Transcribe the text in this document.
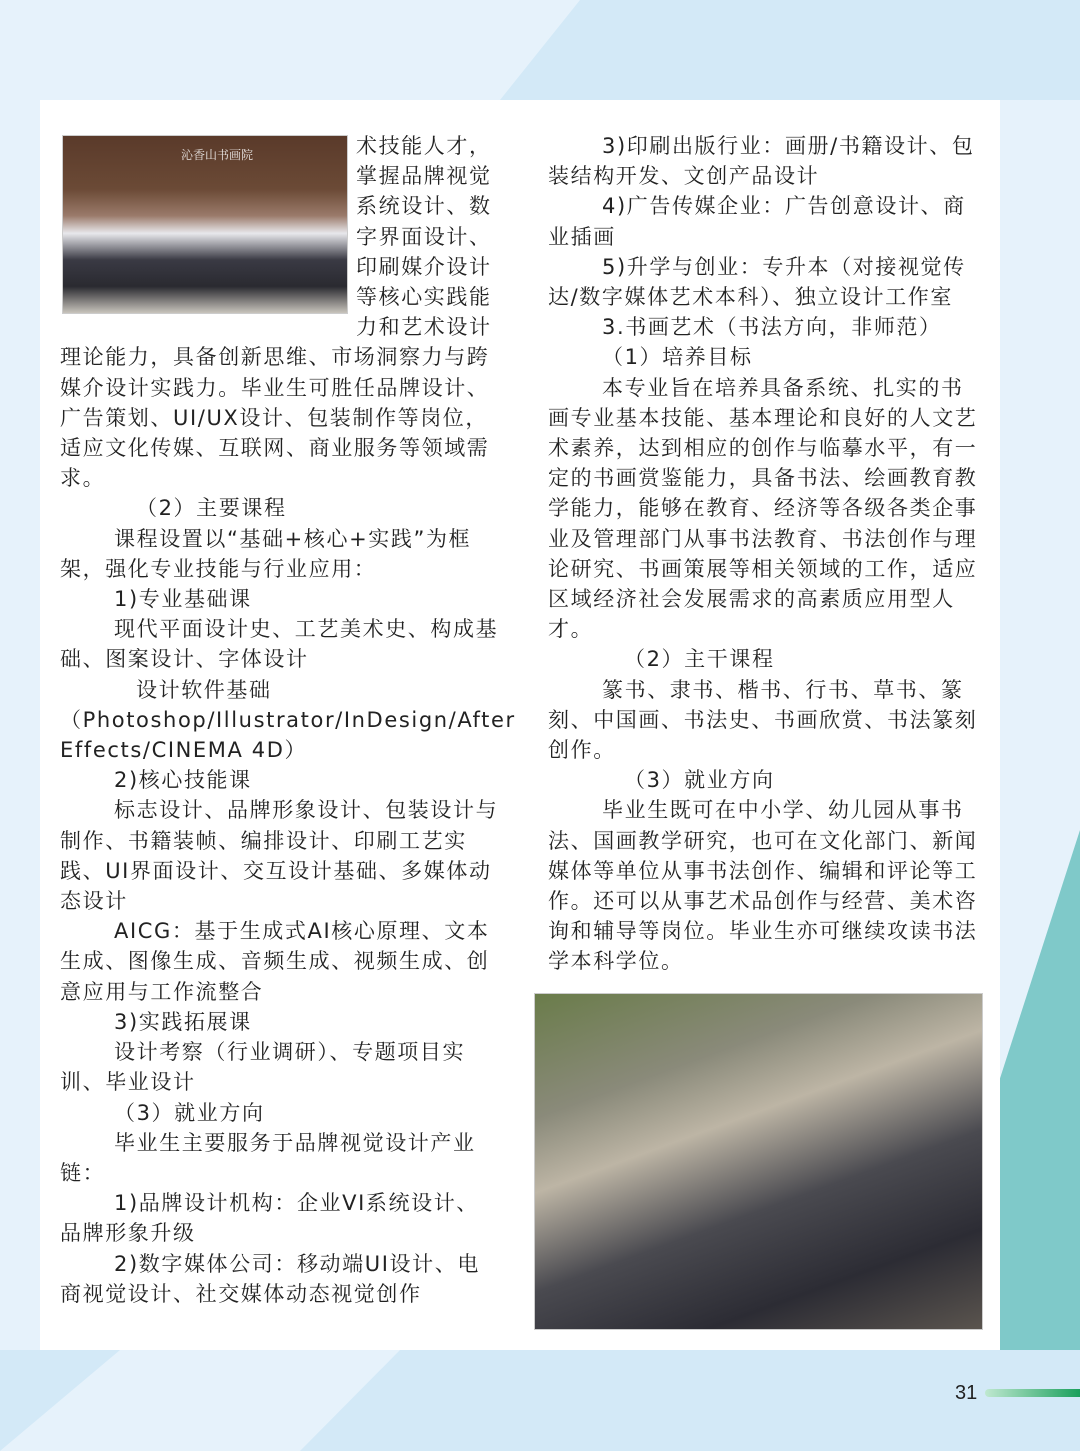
沁香山书画院	术技能人才，

掌握品牌视觉

系统设计、数

字界面设计、

印刷媒介设计

等核心实践能

力和艺术设计

理论能力，具备创新思维、市场洞察力与跨媒介设计实践力。毕业生可胜任品牌设计、广告策划、UI/UX设计、包装制作等岗位，适应文化传媒、互联网、商业服务等领域需求。

（2）主要课程

课程设置以“基础+核心+实践”为框架，强化专业技能与行业应用：

1)专业基础课

现代平面设计史、工艺美术史、构成基础、图案设计、字体设计

设计软件基础（Photoshop/Illustrator/InDesign/After Effects/CINEMA 4D）

2)核心技能课

标志设计、品牌形象设计、包装设计与制作、书籍装帧、编排设计、印刷工艺实践、UI界面设计、交互设计基础、多媒体动态设计

AICG：基于生成式AI核心原理、文本生成、图像生成、音频生成、视频生成、创意应用与工作流整合

3)实践拓展课

设计考察（行业调研）、专题项目实训、毕业设计

（3）就业方向

毕业生主要服务于品牌视觉设计产业链：

1)品牌设计机构：企业VI系统设计、品牌形象升级

2)数字媒体公司：移动端UI设计、电商视觉设计、社交媒体动态视觉创作

3)印刷出版行业：画册/书籍设计、包装结构开发、文创产品设计

4)广告传媒企业：广告创意设计、商业插画

5)升学与创业：专升本（对接视觉传达/数字媒体艺术本科）、独立设计工作室

3.书画艺术（书法方向，非师范）

（1）培养目标

本专业旨在培养具备系统、扎实的书画专业基本技能、基本理论和良好的人文艺术素养，达到相应的创作与临摹水平，有一定的书画赏鉴能力，具备书法、绘画教育教学能力，能够在教育、经济等各级各类企事业及管理部门从事书法教育、书法创作与理论研究、书画策展等相关领域的工作，适应区域经济社会发展需求的高素质应用型人才。

（2）主干课程

篆书、隶书、楷书、行书、草书、篆刻、中国画、书法史、书画欣赏、书法篆刻创作。

（3）就业方向

毕业生既可在中小学、幼儿园从事书法、国画教学研究，也可在文化部门、新闻媒体等单位从事书法创作、编辑和评论等工作。还可以从事艺术品创作与经营、美术咨询和辅导等岗位。毕业生亦可继续攻读书法学本科学位。

31
